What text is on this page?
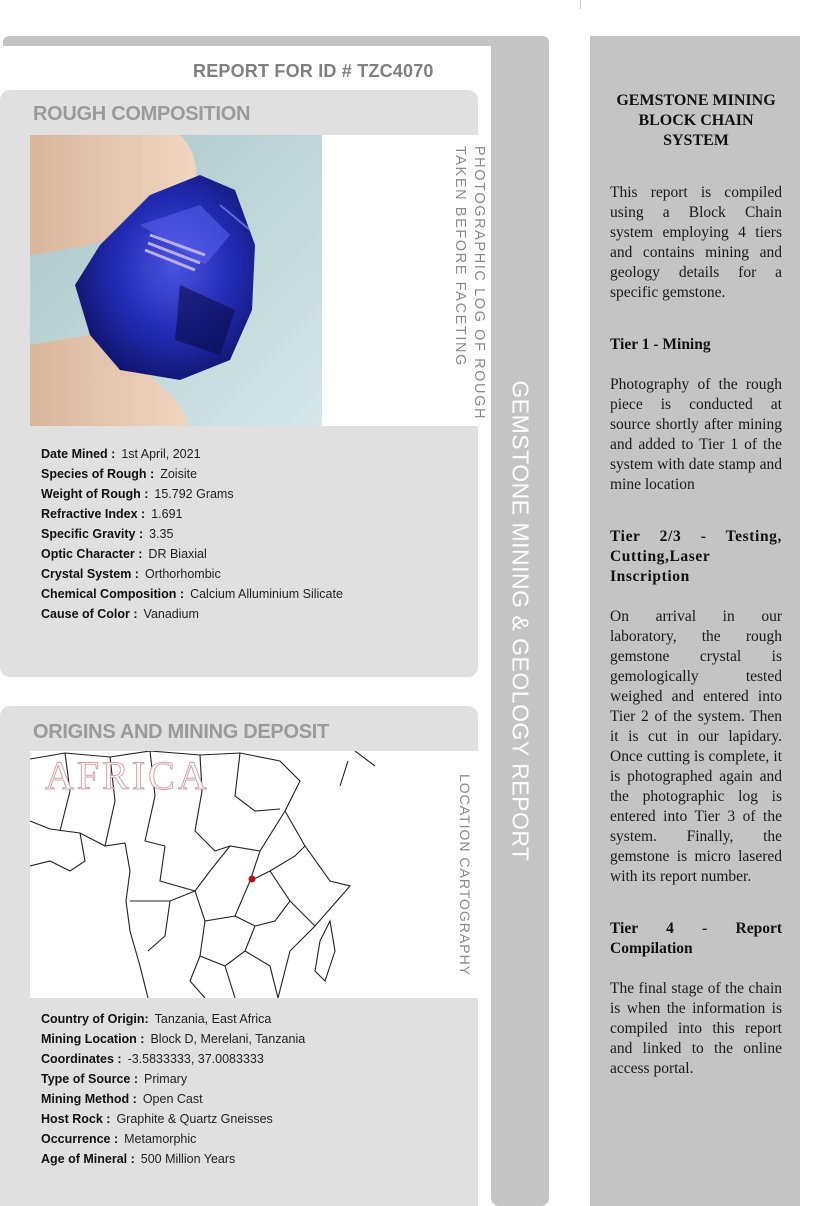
GEMSTONE MINING & GEOLOGY REPORT
REPORT FOR ID # TZC4070
ROUGH COMPOSITION
PHOTOGRAPHIC LOG OF ROUGH
TAKEN BEFORE FACETING
Date Mined : 1st April, 2021
Species of Rough : Zoisite
Weight of Rough : 15.792 Grams
Refractive Index : 1.691
Specific Gravity : 3.35
Optic Character : DR Biaxial
Crystal System : Orthorhombic
Chemical Composition : Calcium Alluminium Silicate
Cause of Color : Vanadium
ORIGINS AND MINING DEPOSIT
AFRICA	LOCATION CARTOGRAPHY
Country of Origin: Tanzania, East Africa
Mining Location : Block D, Merelani, Tanzania
Coordinates : -3.5833333, 37.0083333
Type of Source : Primary
Mining Method : Open Cast
Host Rock : Graphite & Quartz Gneisses
Occurrence : Metamorphic
Age of Mineral : 500 Million Years
GEMSTONE MINING BLOCK CHAIN SYSTEM

This report is compiled using a Block Chain system employing 4 tiers and contains mining and geology details for a specific gemstone.

Tier 1 - Mining

Photography of the rough piece is conducted at source shortly after mining and added to Tier 1 of the system with date stamp and mine location

Tier 2/3 - Testing, Cutting,Laser Inscription

On arrival in our laboratory, the rough gemstone crystal is gemologically tested weighed and entered into Tier 2 of the system. Then it is cut in our lapidary. Once cutting is complete, it is photographed again and the photographic log is entered into Tier 3 of the system. Finally, the gemstone is micro lasered with its report number.

Tier 4 - Report Compilation

The final stage of the chain is when the information is compiled into this report and linked to the online access portal.
